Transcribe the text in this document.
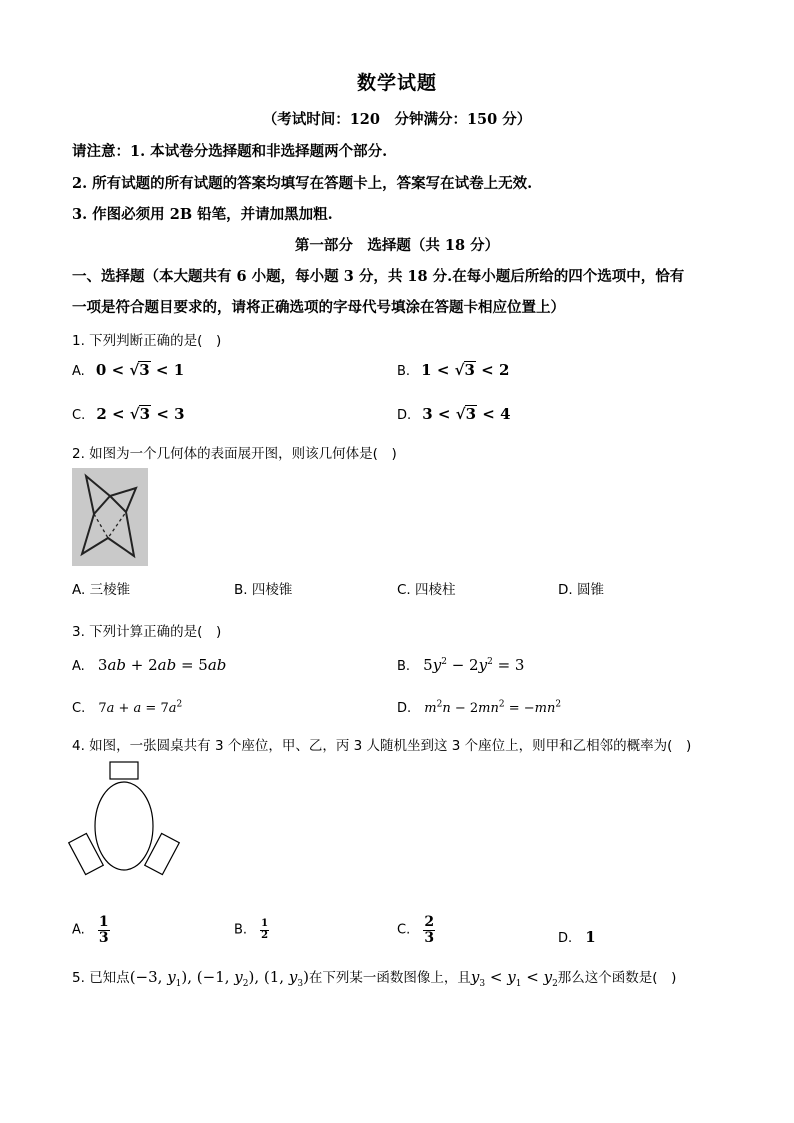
数学试题
（考试时间：120　分钟满分：150 分）
请注意：1. 本试卷分选择题和非选择题两个部分.
2. 所有试题的所有试题的答案均填写在答题卡上，答案写在试卷上无效.
3. 作图必须用 2B 铅笔，并请加黑加粗.
第一部分　选择题（共 18 分）
一、选择题（本大题共有 6 小题，每小题 3 分，共 18 分.在每小题后所给的四个选项中，恰有
一项是符合题目要求的，请将正确选项的字母代号填涂在答题卡相应位置上）
1. 下列判断正确的是(　)
A. 0 < √3 < 1	B. 1 < √3 < 2
C. 2 < √3 < 3	D. 3 < √3 < 4
2. 如图为一个几何体的表面展开图，则该几何体是(　)
A. 三棱锥	B. 四棱锥	C. 四棱柱	D. 圆锥
3. 下列计算正确的是(　)
A. 3ab + 2ab = 5ab	B. $5y^2 - 2y^2 = 3$
C. $7a + a = 7a^2$	D. $m^2n - 2mn^2 = -mn^2$
4. 如图，一张圆桌共有 3 个座位，甲、乙，丙 3 人随机坐到这 3 个座位上，则甲和乙相邻的概率为(　)
A. $\frac{1}{3}$	B. $\frac{1}{2}$	C. $\frac{2}{3}$	D. 1
5. 已知点(−3, $y_1$), (−1, $y_2$), (1, $y_3$)在下列某一函数图像上，且$y_3 < y_1 < y_2$那么这个函数是(　)
